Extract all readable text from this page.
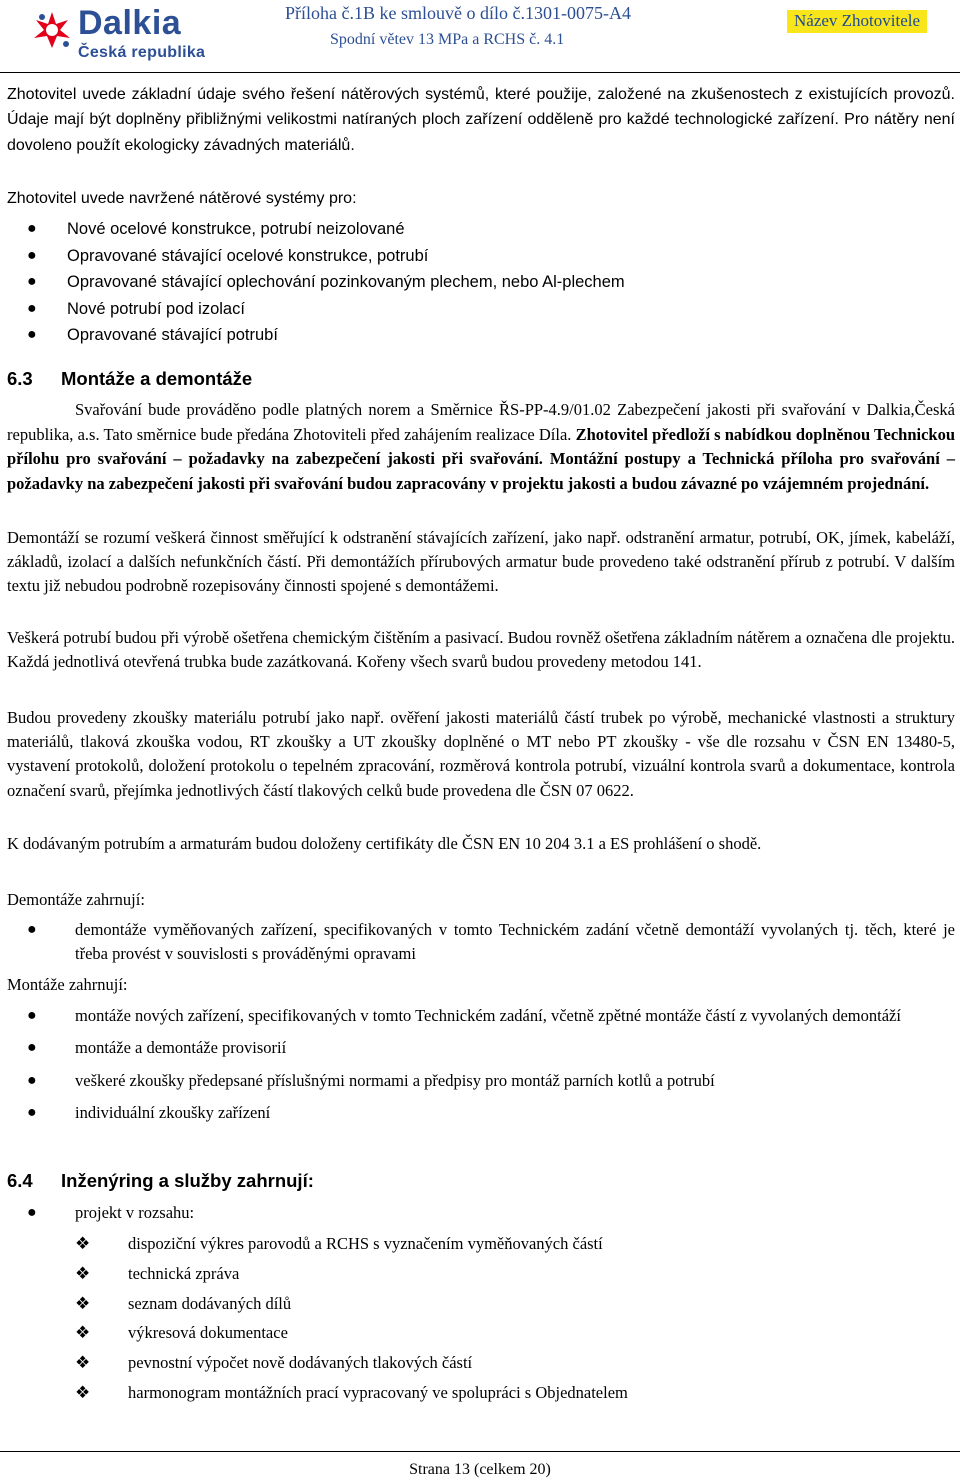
Dalkia
Česká republika
Příloha č.1B ke smlouvě o dílo č.1301-0075-A4
Spodní větev 13 MPa a RCHS č. 4.1
Název Zhotovitele
Zhotovitel uvede základní údaje svého řešení nátěrových systémů, které použije, založené na zkušenostech z existujících provozů. Údaje mají být doplněny přibližnými velikostmi natíraných ploch zařízení odděleně pro každé technologické zařízení. Pro nátěry není dovoleno použít ekologicky závadných materiálů.
Zhotovitel uvede navržené nátěrové systémy pro:
● Nové ocelové konstrukce, potrubí neizolované
● Opravované stávající ocelové konstrukce, potrubí
● Opravované stávající oplechování pozinkovaným plechem, nebo Al-plechem
● Nové potrubí pod izolací
● Opravované stávající potrubí
6.3 Montáže a demontáže
Svařování bude prováděno podle platných norem a Směrnice ŘS-PP-4.9/01.02 Zabezpečení jakosti při svařování v Dalkia,Česká republika, a.s. Tato směrnice bude předána Zhotoviteli před zahájením realizace Díla. Zhotovitel předloží s nabídkou doplněnou Technickou přílohu pro svařování – požadavky na zabezpečení jakosti při svařování. Montážní postupy a Technická příloha pro svařování – požadavky na zabezpečení jakosti při svařování budou zapracovány v projektu jakosti a budou závazné po vzájemném projednání.
Demontáží se rozumí veškerá činnost směřující k odstranění stávajících zařízení, jako např. odstranění armatur, potrubí, OK, jímek, kabeláží, základů, izolací a dalších nefunkčních částí. Při demontážích přírubových armatur bude provedeno také odstranění přírub z potrubí. V dalším textu již nebudou podrobně rozepisovány činnosti spojené s demontážemi.
Veškerá potrubí budou při výrobě ošetřena chemickým čištěním a pasivací. Budou rovněž ošetřena základním nátěrem a označena dle projektu. Každá jednotlivá otevřená trubka bude zazátkovaná. Kořeny všech svarů budou provedeny metodou 141.
Budou provedeny zkoušky materiálu potrubí jako např. ověření jakosti materiálů částí trubek po výrobě, mechanické vlastnosti a struktury materiálů, tlaková zkouška vodou, RT zkoušky a UT zkoušky doplněné o MT nebo PT zkoušky - vše dle rozsahu v ČSN EN 13480-5, vystavení protokolů, doložení protokolu o tepelném zpracování, rozměrová kontrola potrubí, vizuální kontrola svarů a dokumentace, kontrola označení svarů, přejímka jednotlivých částí tlakových celků bude provedena dle ČSN 07 0622.
K dodávaným potrubím a armaturám budou doloženy certifikáty dle ČSN EN 10 204 3.1 a ES prohlášení o shodě.
Demontáže zahrnují:
● demontáže vyměňovaných zařízení, specifikovaných v tomto Technickém zadání včetně demontáží vyvolaných tj. těch, které je třeba provést v souvislosti s prováděnými opravami
Montáže zahrnují:
● montáže nových zařízení, specifikovaných v tomto Technickém zadání, včetně zpětné montáže částí z vyvolaných demontáží
● montáže a demontáže provisorií
● veškeré zkoušky předepsané příslušnými normami a předpisy pro montáž parních kotlů a potrubí
● individuální zkoušky zařízení
6.4 Inženýring a služby zahrnují:
● projekt v rozsahu:
❖ dispoziční výkres parovodů a RCHS s vyznačením vyměňovaných částí
❖ technická zpráva
❖ seznam dodávaných dílů
❖ výkresová dokumentace
❖ pevnostní výpočet nově dodávaných tlakových částí
❖ harmonogram montážních prací vypracovaný ve spolupráci s Objednatelem
Strana 13 (celkem 20)
